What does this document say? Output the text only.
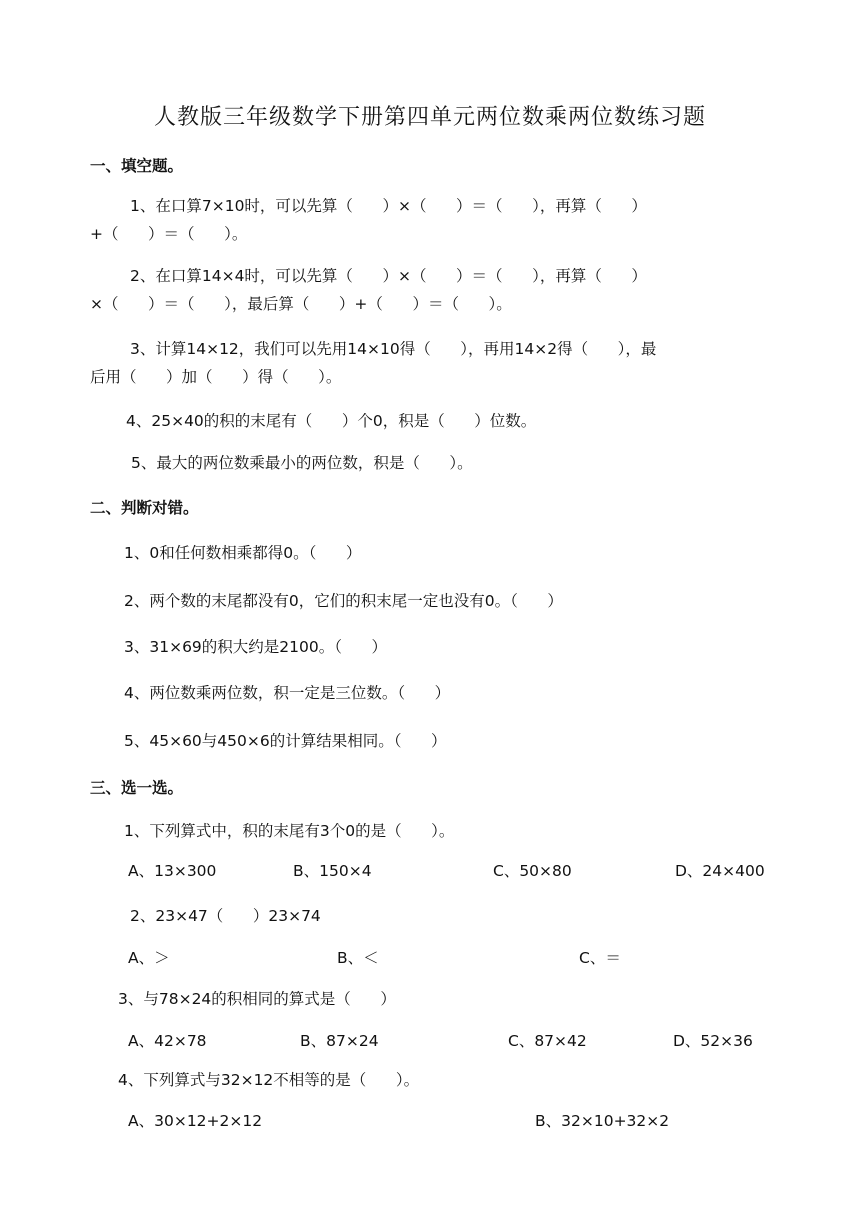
人教版三年级数学下册第四单元两位数乘两位数练习题
一、填空题。
1、在口算7×10时，可以先算（      ）×（      ）＝（      ），再算（      ）
+（      ）＝（      ）。
2、在口算14×4时，可以先算（      ）×（      ）＝（      ），再算（      ）
×（      ）＝（      ），最后算（      ）+（      ）＝（      ）。
3、计算14×12，我们可以先用14×10得（      ），再用14×2得（      ），最
后用（      ）加（      ）得（      ）。
4、25×40的积的末尾有（      ）个0，积是（      ）位数。
5、最大的两位数乘最小的两位数，积是（      ）。
二、判断对错。
1、0和任何数相乘都得0。（      ）
2、两个数的末尾都没有0，它们的积末尾一定也没有0。（      ）
3、31×69的积大约是2100。（      ）
4、两位数乘两位数，积一定是三位数。（      ）
5、45×60与450×6的计算结果相同。（      ）
三、选一选。
1、下列算式中，积的末尾有3个0的是（      ）。
A、13×300	B、150×4	C、50×80	D、24×400
2、23×47（      ）23×74
A、＞	B、＜	C、＝
3、与78×24的积相同的算式是（      ）
A、42×78	B、87×24	C、87×42	D、52×36
4、下列算式与32×12不相等的是（      ）。
A、30×12+2×12	B、32×10+32×2
